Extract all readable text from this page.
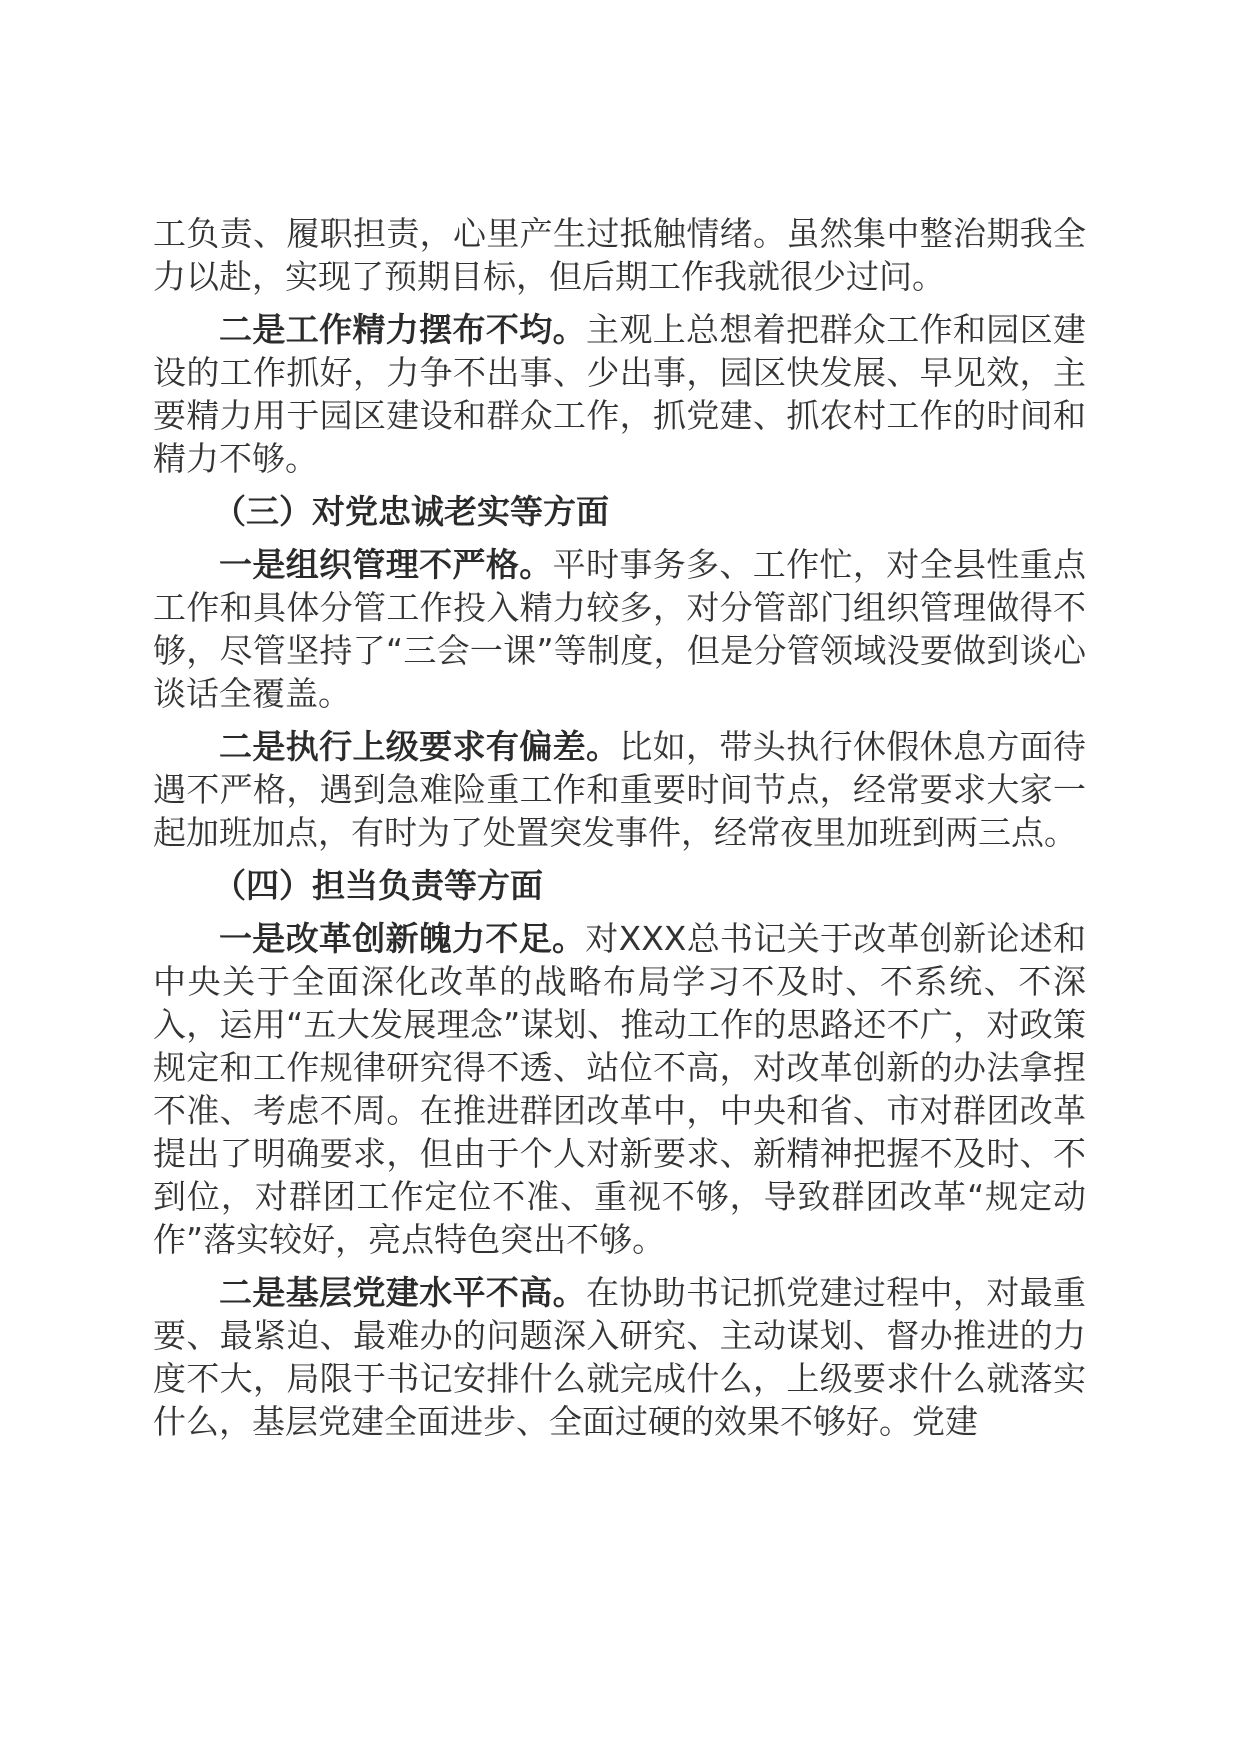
工负责、履职担责，心里产生过抵触情绪。虽然集中整治期我全力以赴，实现了预期目标，但后期工作我就很少过问。

二是工作精力摆布不均。主观上总想着把群众工作和园区建设的工作抓好，力争不出事、少出事，园区快发展、早见效，主要精力用于园区建设和群众工作，抓党建、抓农村工作的时间和精力不够。

（三）对党忠诚老实等方面

一是组织管理不严格。平时事务多、工作忙，对全县性重点工作和具体分管工作投入精力较多，对分管部门组织管理做得不够，尽管坚持了“三会一课”等制度，但是分管领域没要做到谈心谈话全覆盖。

二是执行上级要求有偏差。比如，带头执行休假休息方面待遇不严格，遇到急难险重工作和重要时间节点，经常要求大家一起加班加点，有时为了处置突发事件，经常夜里加班到两三点。

（四）担当负责等方面

一是改革创新魄力不足。对XXX总书记关于改革创新论述和中央关于全面深化改革的战略布局学习不及时、不系统、不深入，运用“五大发展理念”谋划、推动工作的思路还不广，对政策规定和工作规律研究得不透、站位不高，对改革创新的办法拿捏不准、考虑不周。在推进群团改革中，中央和省、市对群团改革提出了明确要求，但由于个人对新要求、新精神把握不及时、不到位，对群团工作定位不准、重视不够，导致群团改革“规定动作”落实较好，亮点特色突出不够。

二是基层党建水平不高。在协助书记抓党建过程中，对最重要、最紧迫、最难办的问题深入研究、主动谋划、督办推进的力度不大，局限于书记安排什么就完成什么，上级要求什么就落实什么，基层党建全面进步、全面过硬的效果不够好。党建
